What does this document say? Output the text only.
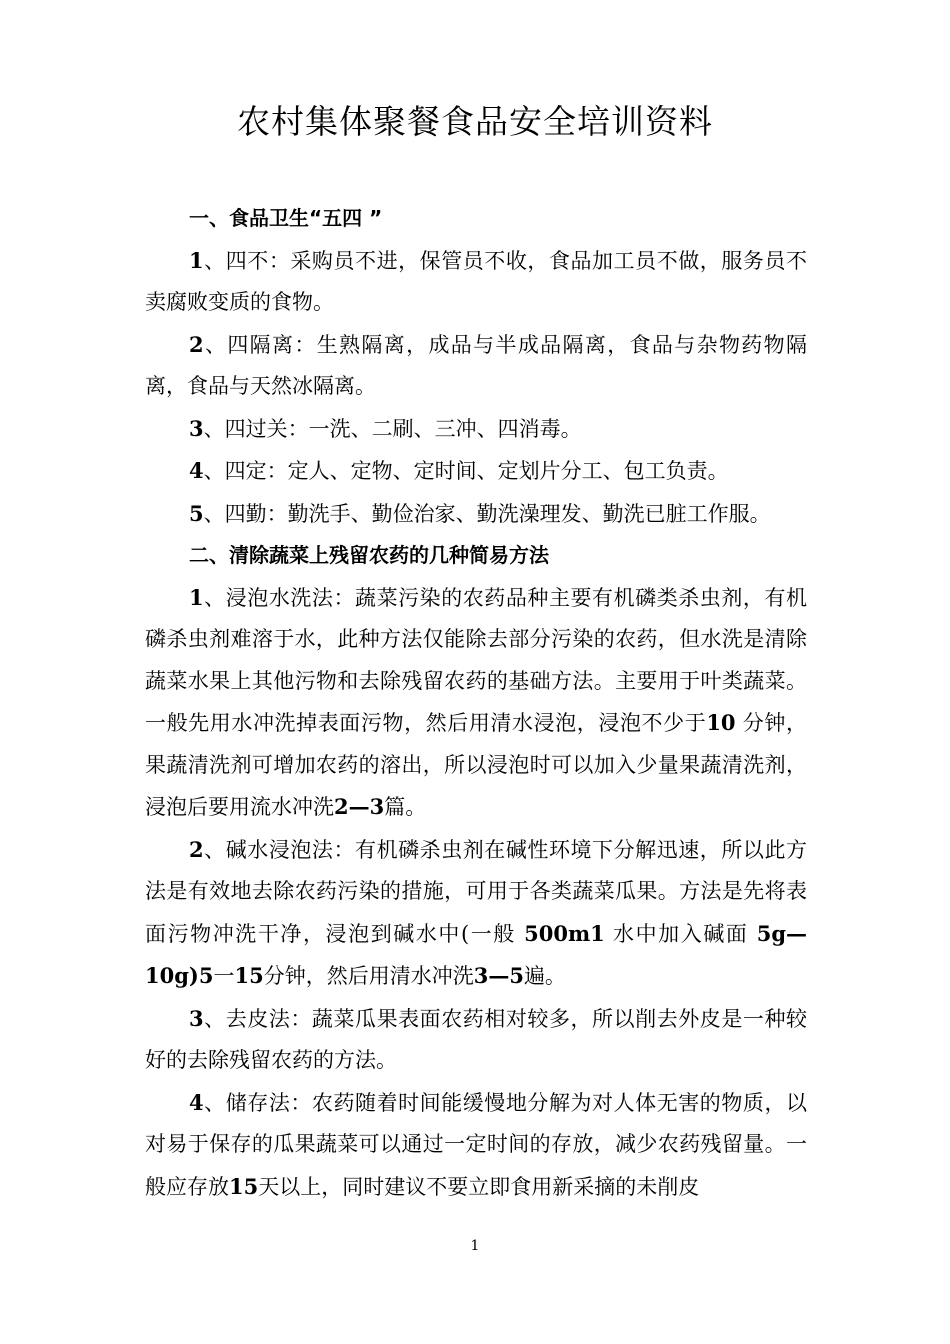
农村集体聚餐食品安全培训资料

一、食品卫生“五四 ”

1、四不：采购员不进，保管员不收，食品加工员不做，服务员不卖腐败变质的食物。

2、四隔离：生熟隔离，成品与半成品隔离，食品与杂物药物隔离，食品与天然冰隔离。

3、四过关：一洗、二刷、三冲、四消毒。

4、四定：定人、定物、定时间、定划片分工、包工负责。

5、四勤：勤洗手、勤俭治家、勤洗澡理发、勤洗已脏工作服。

二、清除蔬菜上残留农药的几种简易方法

1、浸泡水洗法：蔬菜污染的农药品种主要有机磷类杀虫剂，有机磷杀虫剂难溶于水，此种方法仅能除去部分污染的农药，但水洗是清除蔬菜水果上其他污物和去除残留农药的基础方法。主要用于叶类蔬菜。一般先用水冲洗掉表面污物，然后用清水浸泡，浸泡不少于10 分钟，果蔬清洗剂可增加农药的溶出，所以浸泡时可以加入少量果蔬清洗剂，浸泡后要用流水冲洗2—3篇。

2、碱水浸泡法：有机磷杀虫剂在碱性环境下分解迅速，所以此方法是有效地去除农药污染的措施，可用于各类蔬菜瓜果。方法是先将表面污物冲洗干净，浸泡到碱水中(一般 500m1 水中加入碱面 5g—10g)5一15分钟，然后用清水冲洗3—5遍。

3、去皮法：蔬菜瓜果表面农药相对较多，所以削去外皮是一种较好的去除残留农药的方法。

4、储存法：农药随着时间能缓慢地分解为对人体无害的物质，以对易于保存的瓜果蔬菜可以通过一定时间的存放，减少农药残留量。一般应存放15天以上，同时建议不要立即食用新采摘的未削皮

1
